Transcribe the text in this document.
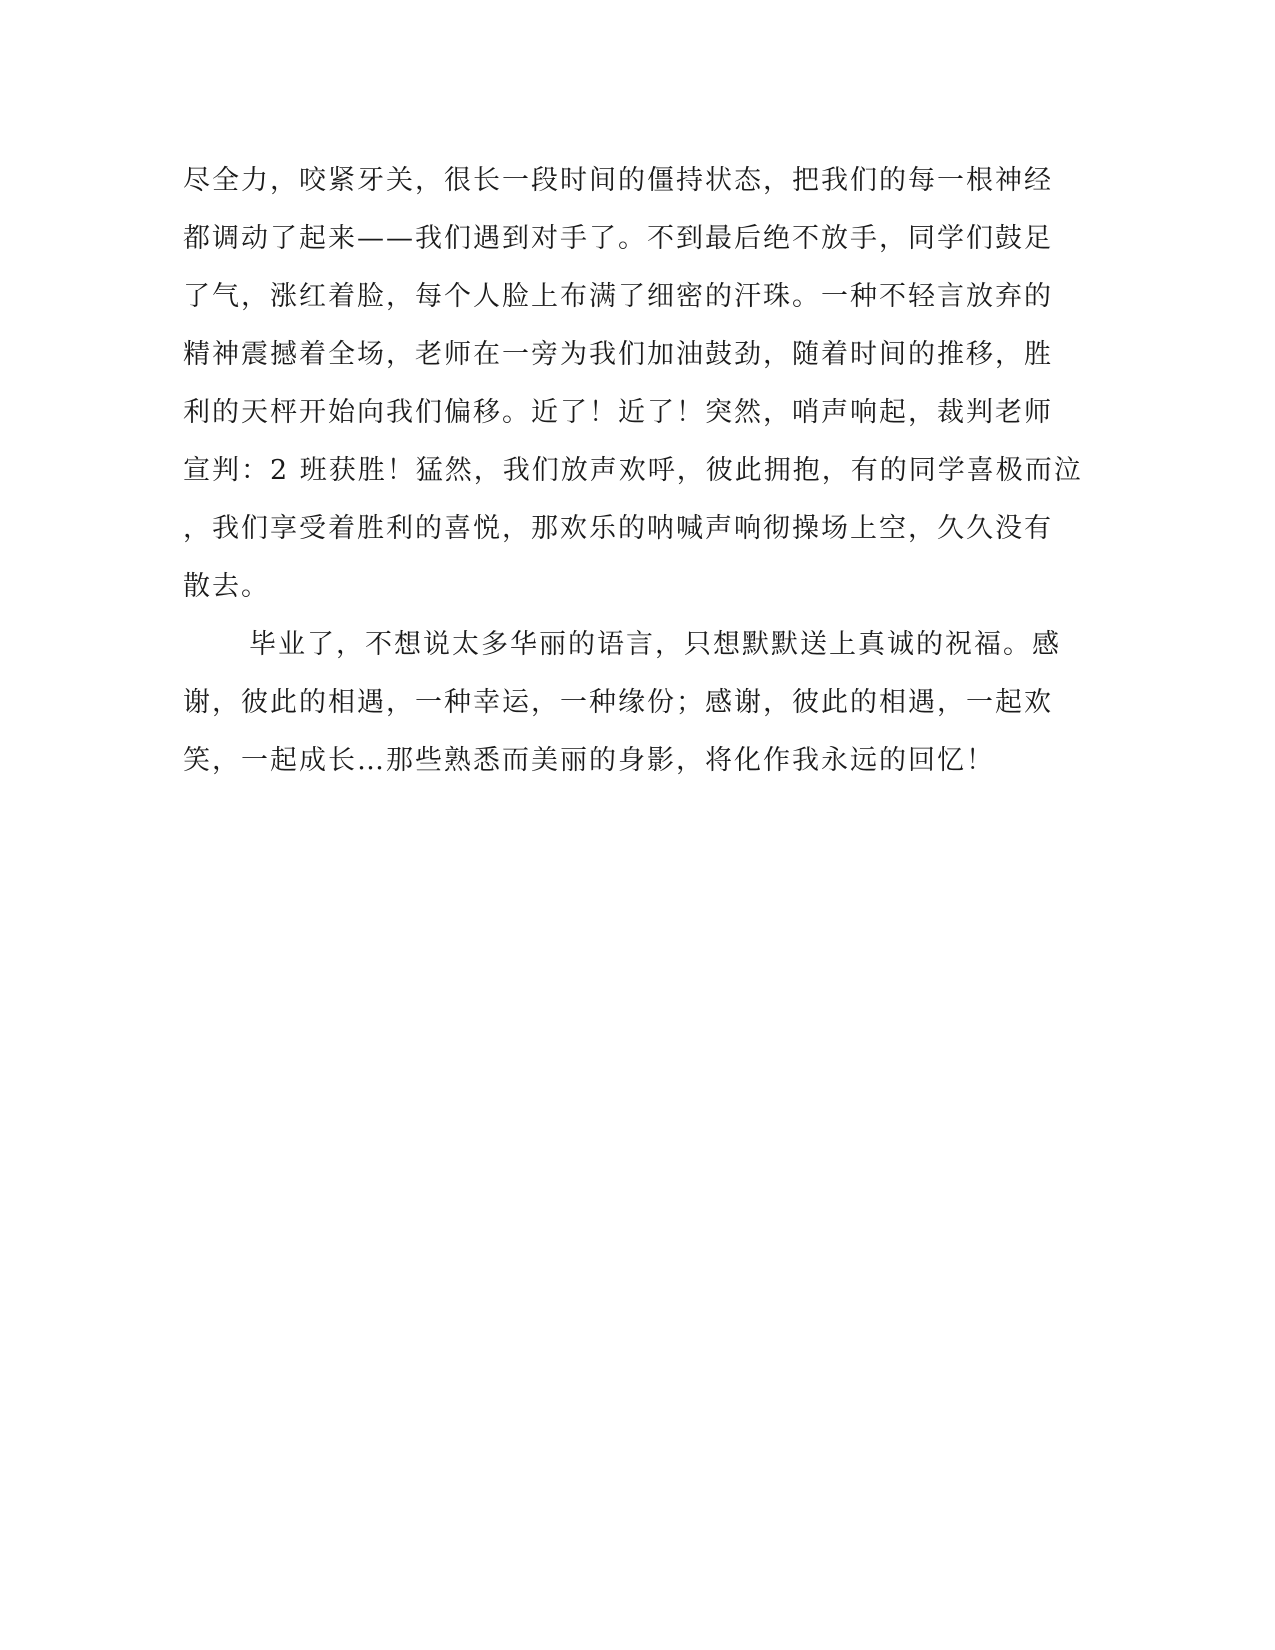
尽全力，咬紧牙关，很长一段时间的僵持状态，把我们的每一根神经
都调动了起来——我们遇到对手了。不到最后绝不放手，同学们鼓足
了气，涨红着脸，每个人脸上布满了细密的汗珠。一种不轻言放弃的
精神震撼着全场，老师在一旁为我们加油鼓劲，随着时间的推移，胜
利的天枰开始向我们偏移。近了！近了！突然，哨声响起，裁判老师
宣判：2 班获胜！猛然，我们放声欢呼，彼此拥抱，有的同学喜极而泣
，我们享受着胜利的喜悦，那欢乐的呐喊声响彻操场上空，久久没有
散去。
毕业了，不想说太多华丽的语言，只想默默送上真诚的祝福。感
谢，彼此的相遇，一种幸运，一种缘份；感谢，彼此的相遇，一起欢
笑，一起成长…那些熟悉而美丽的身影，将化作我永远的回忆！
